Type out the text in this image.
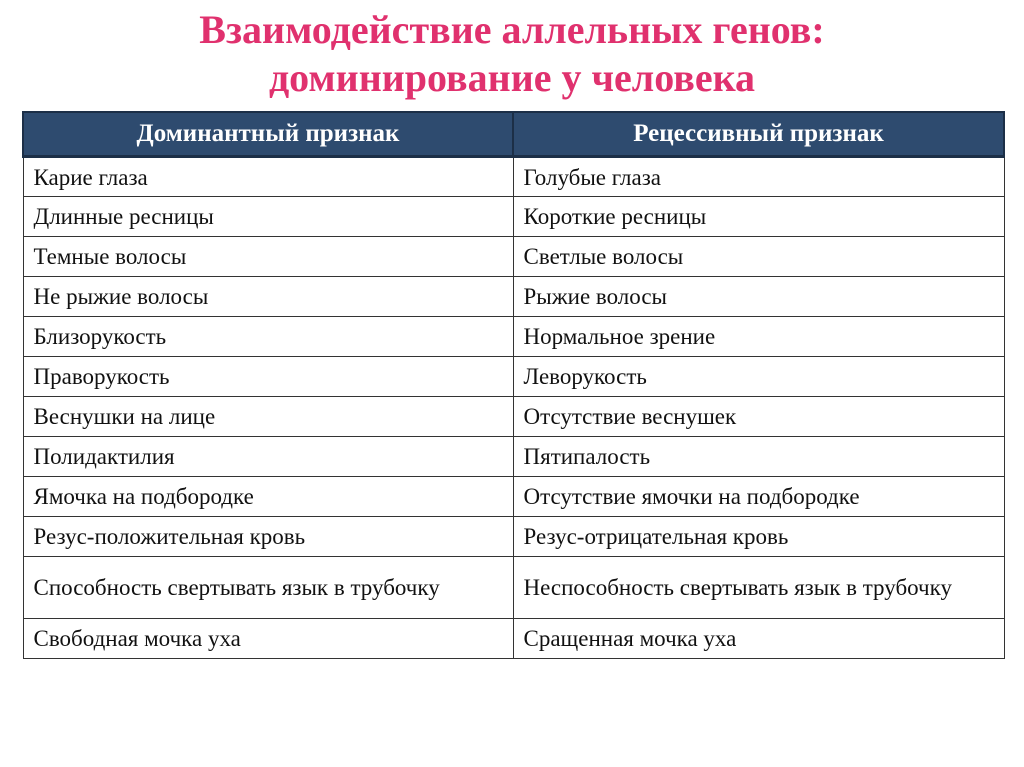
Взаимодействие аллельных генов:
доминирование у человека
Доминантный признак	Рецессивный признак
Карие глаза	Голубые глаза
Длинные ресницы	Короткие ресницы
Темные волосы	Светлые волосы
Не рыжие волосы	Рыжие волосы
Близорукость	Нормальное зрение
Праворукость	Леворукость
Веснушки на лице	Отсутствие веснушек
Полидактилия	Пятипалость
Ямочка на подбородке	Отсутствие ямочки на подбородке
Резус-положительная кровь	Резус-отрицательная кровь
Способность свертывать язык в трубочку	Неспособность свертывать язык в трубочку
Свободная мочка уха	Сращенная мочка уха
